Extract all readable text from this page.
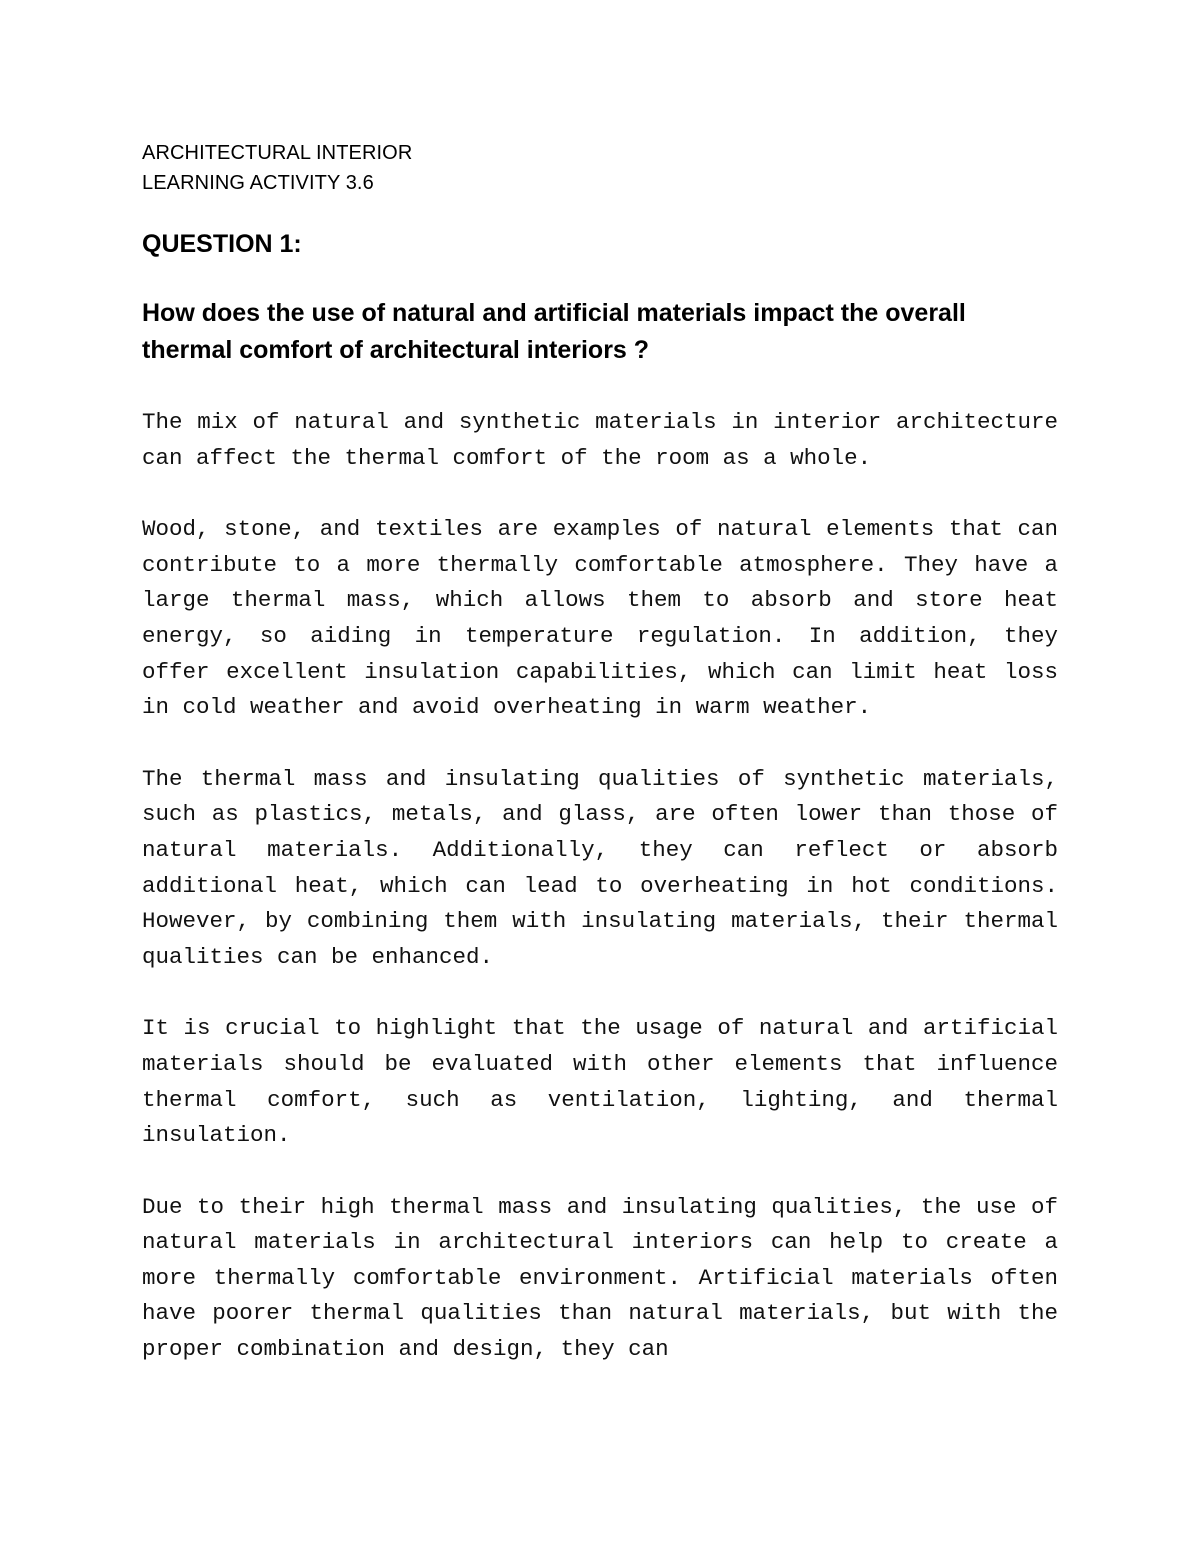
ARCHITECTURAL INTERIOR

LEARNING ACTIVITY 3.6

QUESTION 1:

How does the use of natural and artificial materials impact the overall thermal comfort of architectural interiors ?

The mix of natural and synthetic materials in interior architecture can affect the thermal comfort of the room as a whole.

Wood, stone, and textiles are examples of natural elements that can contribute to a more thermally comfortable atmosphere. They have a large thermal mass, which allows them to absorb and store heat energy, so aiding in temperature regulation. In addition, they offer excellent insulation capabilities, which can limit heat loss in cold weather and avoid overheating in warm weather.

The thermal mass and insulating qualities of synthetic materials, such as plastics, metals, and glass, are often lower than those of natural materials. Additionally, they can reflect or absorb additional heat, which can lead to overheating in hot conditions. However, by combining them with insulating materials, their thermal qualities can be enhanced.

It is crucial to highlight that the usage of natural and artificial materials should be evaluated with other elements that influence thermal comfort, such as ventilation, lighting, and thermal insulation.

Due to their high thermal mass and insulating qualities, the use of natural materials in architectural interiors can help to create a more thermally comfortable environment. Artificial materials often have poorer thermal qualities than natural materials, but with the proper combination and design, they can
